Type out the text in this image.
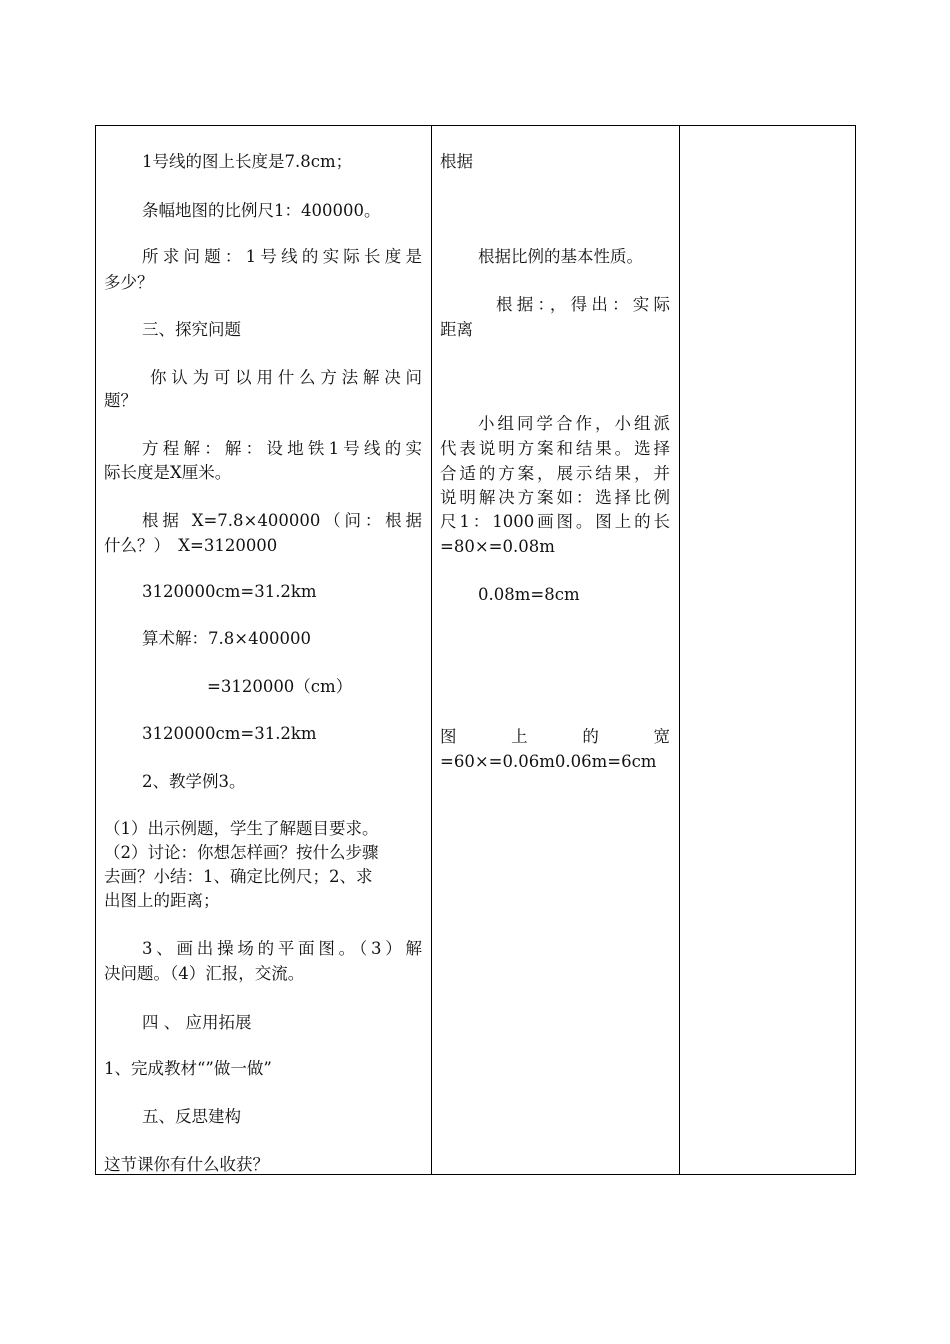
1号线的图上长度是7.8cm；
条幅地图的比例尺1：400000。
所求问题：1号线的实际长度是
多少？
三、探究问题
你认为可以用什么方法解决问
题？
方程解：解：设地铁1号线的实
际长度是X厘米。
根据 X=7.8×400000（问：根据
什么？）　X=3120000
3120000cm=31.2km
算术解：7.8×400000
=3120000（cm）
3120000cm=31.2km
2、教学例3。
（1）出示例题，学生了解题目要求。
（2）讨论：你想怎样画？按什么步骤
去画？小结：1、确定比例尺；2、求
出图上的距离；
3、画出操场的平面图。（3）解
决问题。（4）汇报，交流。
四 、 应用拓展
1、完成教材“”做一做”
五、反思建构
这节课你有什么收获？
根据
根据比例的基本性质。
根据：，得出：实际
距离
小组同学合作，小组派
代表说明方案和结果。选择
合适的方案，展示结果，并
说明解决方案如：选择比例
尺1：1000画图。图上的长
=80×=0.08m
0.08m=8cm
图　　上　　的　　宽
=60×=0.06m0.06m=6cm
